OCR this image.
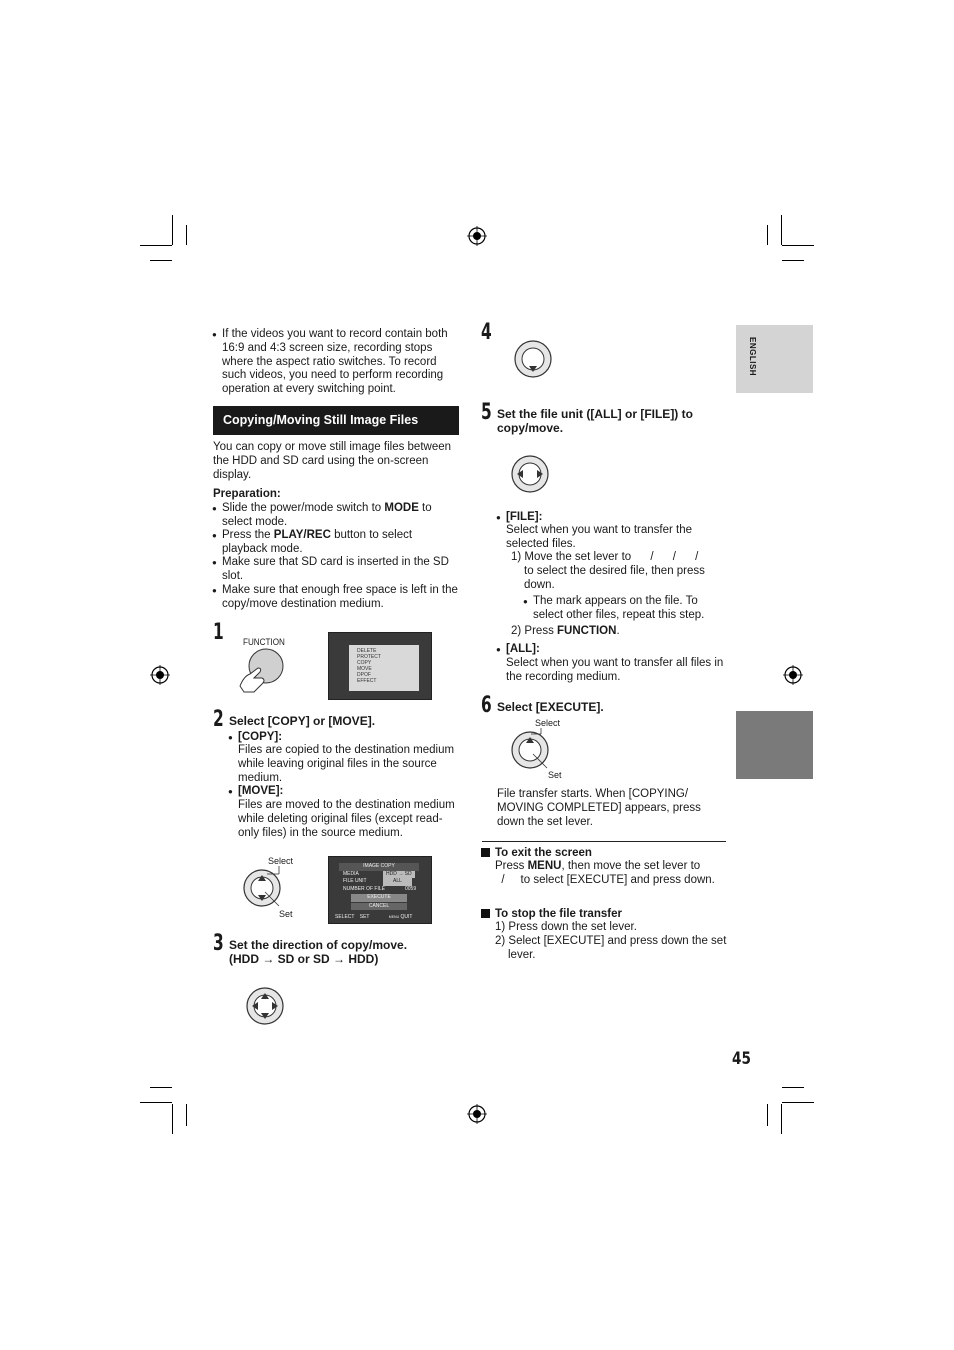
ENGLISH
● If the videos you want to record contain both 16:9 and 4:3 screen size, recording stops where the aspect ratio switches. To record such videos, you need to perform recording operation at every switching point.
Copying/Moving Still Image Files
You can copy or move still image files between the HDD and SD card using the on-screen display.
Preparation:
● Slide the power/mode switch to MODE to select mode.
● Press the PLAY/REC button to select playback mode.
● Make sure that SD card is inserted in the SD slot.
● Make sure that enough free space is left in the copy/move destination medium.
1 FUNCTION
DELETE
PROTECT
COPY
MOVE
DPOF
EFFECT
2 Select [COPY] or [MOVE].
● [COPY]:
Files are copied to the destination medium while leaving original files in the source medium.
● [MOVE]:
Files are moved to the destination medium while deleting original files (except read-only files) in the source medium.
Select
Set
IMAGE COPY
MEDIA	HDD → SD
FILE UNIT	ALL
NUMBER OF FILE	0059
EXECUTE
CANCEL
SELECT SET	MENU QUIT
3 Set the direction of copy/move.
(HDD → SD or SD → HDD)
4
5 Set the file unit ([ALL] or [FILE]) to copy/move.
● [FILE]:
Select when you want to transfer the selected files.
1) Move the set lever to      /      /      /
to select the desired file, then press down.
● The mark appears on the file. To select other files, repeat this step.
2) Press FUNCTION.
● [ALL]:
Select when you want to transfer all files in the recording medium.
6 Select [EXECUTE].
Select
Set
File transfer starts. When [COPYING/ MOVING COMPLETED] appears, press down the set lever.
To exit the screen
Press MENU, then move the set lever to
/     to select [EXECUTE] and press down.
To stop the file transfer
1) Press down the set lever.
2) Select [EXECUTE] and press down the set lever.
45
